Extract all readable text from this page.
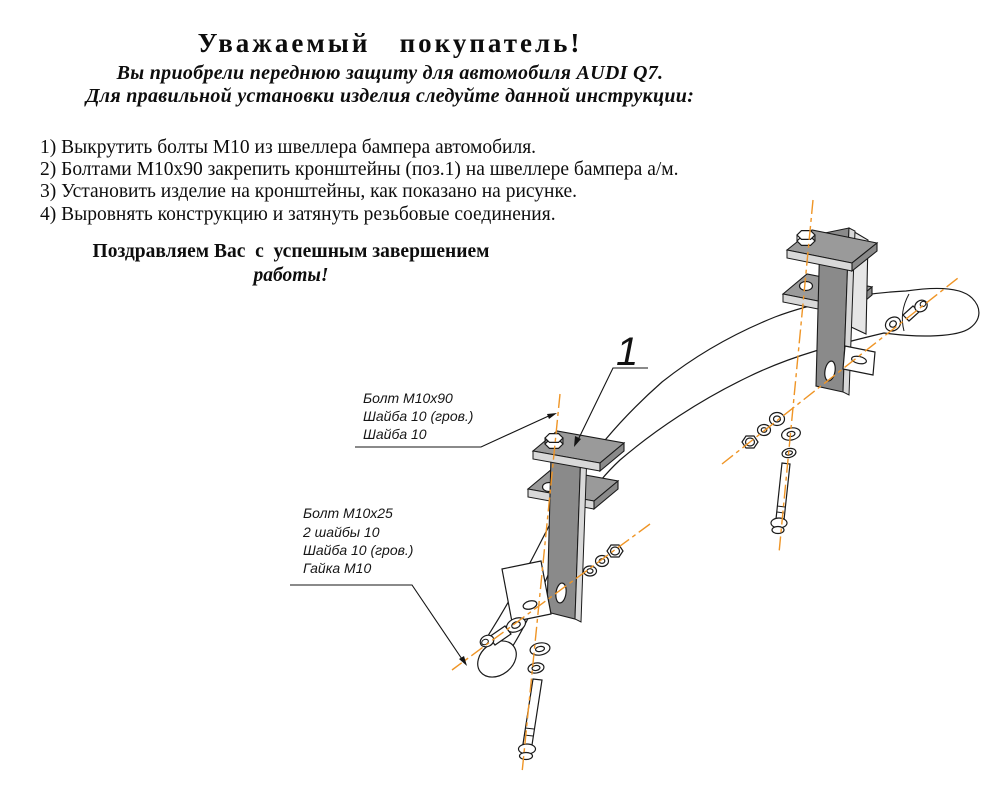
Уважаемый   покупатель!
Вы приобрели переднюю защиту для автомобиля AUDI Q7.
Для правильной установки изделия следуйте данной инструкции:
1) Выкрутить болты М10 из швеллера бампера автомобиля.
2) Болтами М10х90 закрепить кронштейны (поз.1) на швеллере бампера а/м.
3) Установить изделие на кронштейны, как показано на рисунке.
4) Выровнять конструкцию и затянуть резьбовые соединения.
Поздравляем Вас  с  успешным завершением
работы!
1
Болт М10х90
Шайба 10 (гров.)
Шайба 10
Болт М10х25
2 шайбы 10
Шайба 10 (гров.)
Гайка М10
